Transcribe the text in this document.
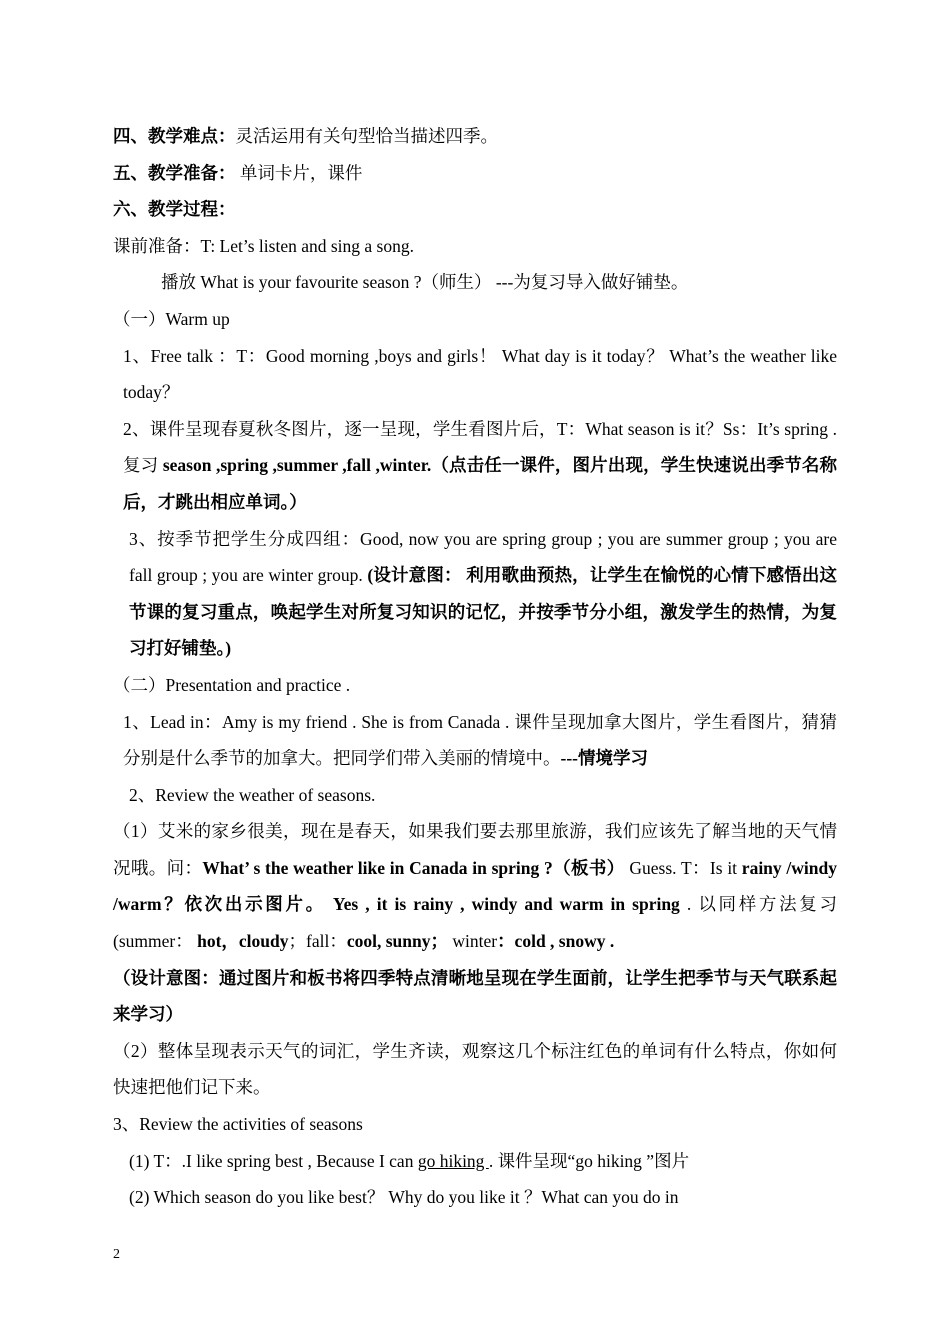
四、教学难点：灵活运用有关句型恰当描述四季。

五、教学准备： 单词卡片，课件

六、教学过程：

课前准备：T: Let’s listen and sing a song.

播放 What is your favourite season ?（师生） ---为复习导入做好铺垫。

（一）Warm up

1、Free talk ：T：Good morning ,boys and girls！ What day is it today？ What’s the weather like today？

2、课件呈现春夏秋冬图片，逐一呈现，学生看图片后，T：What season is it？Ss：It’s spring .复习 season ,spring ,summer ,fall ,winter.（点击任一课件，图片出现，学生快速说出季节名称后，才跳出相应单词。）

3、按季节把学生分成四组：Good, now you are spring group ; you are summer group ; you are fall group ; you are winter group. (设计意图： 利用歌曲预热，让学生在愉悦的心情下感悟出这节课的复习重点，唤起学生对所复习知识的记忆，并按季节分小组，激发学生的热情，为复习打好铺垫。)

（二）Presentation and practice .

1、Lead in：Amy is my friend . She is from Canada . 课件呈现加拿大图片，学生看图片，猜猜分别是什么季节的加拿大。把同学们带入美丽的情境中。---情境学习

2、Review the weather of seasons.

（1）艾米的家乡很美，现在是春天，如果我们要去那里旅游，我们应该先了解当地的天气情况哦。问：What’ s the weather like in Canada in spring ?（板书） Guess. T：Is it rainy /windy /warm？依次出示图片。 Yes , it is rainy , windy and warm in spring . 以同样方法复习(summer： hot，cloudy；fall：cool, sunny； winter：cold , snowy .

（设计意图：通过图片和板书将四季特点清晰地呈现在学生面前，让学生把季节与天气联系起来学习）

（2）整体呈现表示天气的词汇，学生齐读，观察这几个标注红色的单词有什么特点，你如何快速把他们记下来。

3、Review the activities of seasons

(1) T：.I like spring best , Because I can go hiking . 课件呈现“go hiking ”图片

(2) Which season do you like best？ Why do you like it ？What can you do in

2
